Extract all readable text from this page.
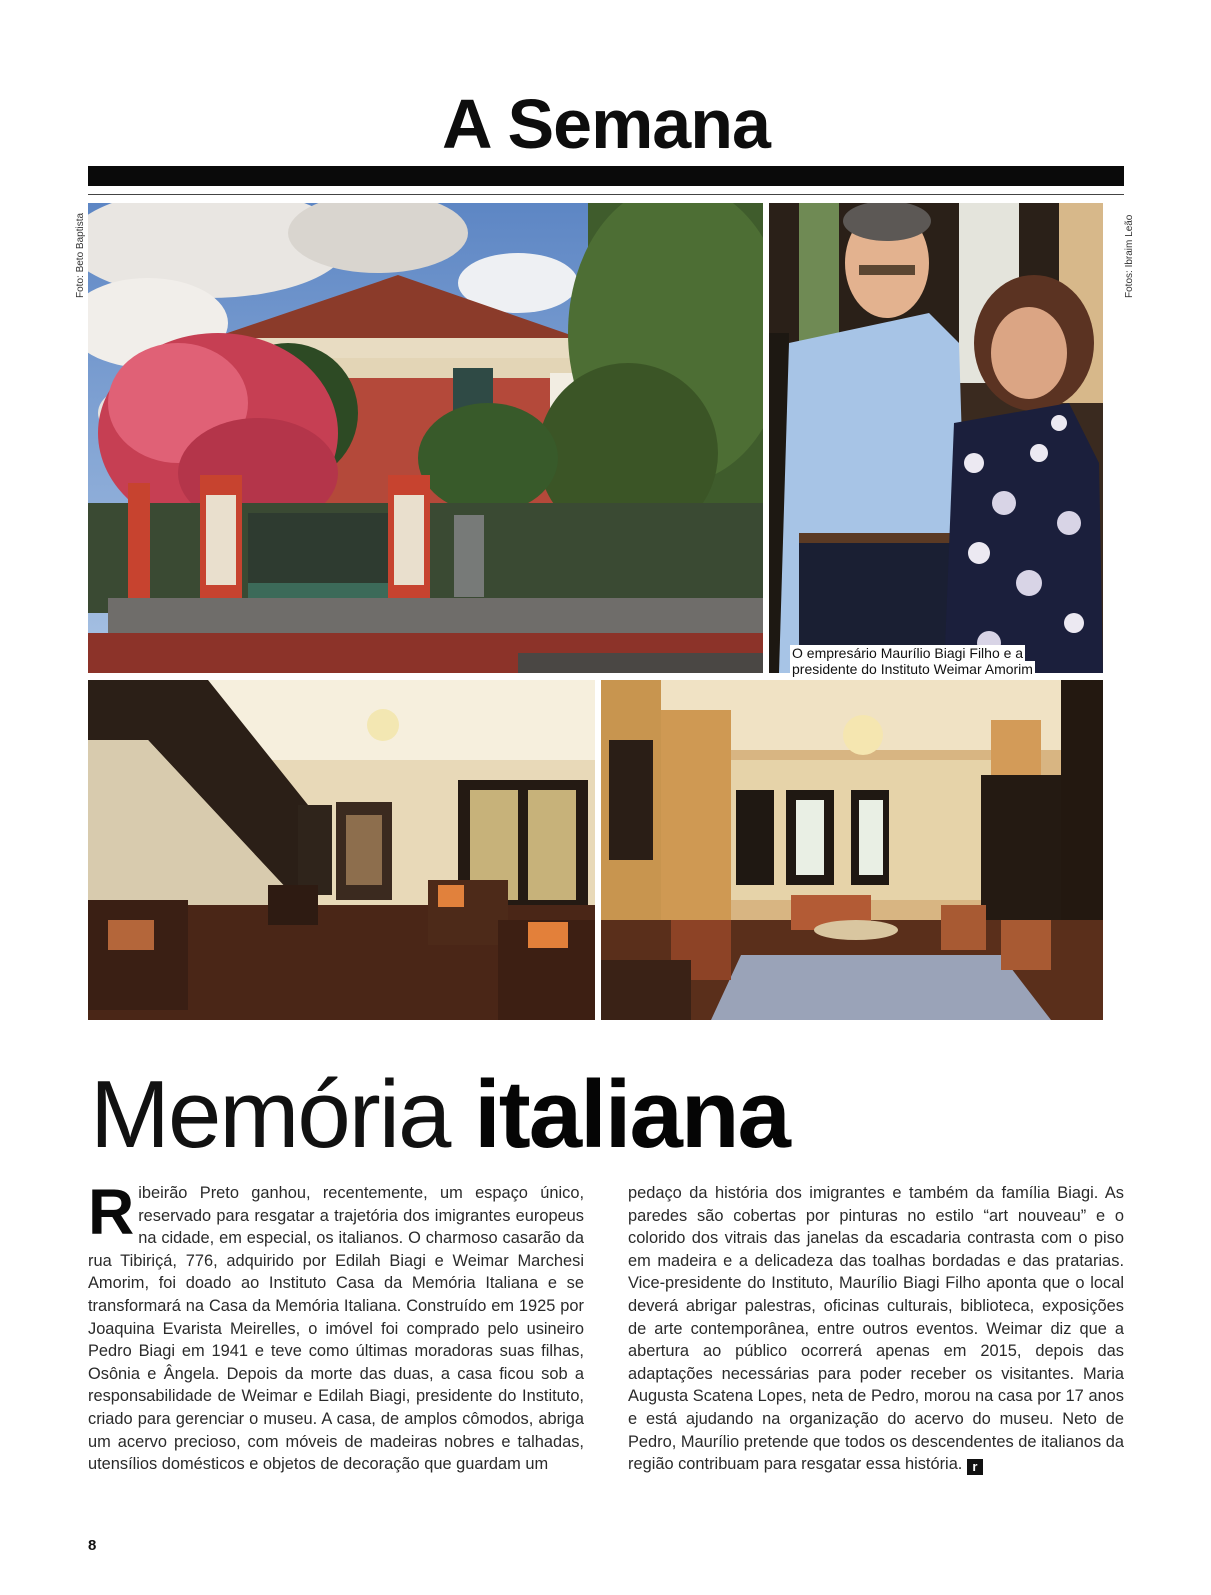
A Semana
Foto: Beto Baptista	Fotos: Ibraim Leão
O empresário Maurílio Biagi Filho e a presidente do Instituto Weimar Amorim
Memória italiana
Ribeirão Preto ganhou, recentemente, um espaço único, reservado para resgatar a trajetória dos imigrantes europeus na cidade, em especial, os italianos. O charmoso casarão da rua Tibiriçá, 776, adquirido por Edilah Biagi e Weimar Marchesi Amorim, foi doado ao Instituto Casa da Memória Italiana e se transformará na Casa da Memória Italiana. Construído em 1925 por Joaquina Evarista Meirelles, o imóvel foi comprado pelo usineiro Pedro Biagi em 1941 e teve como últimas moradoras suas filhas, Osônia e Ângela. Depois da morte das duas, a casa ficou sob a responsabilidade de Weimar e Edilah Biagi, presidente do Instituto, criado para gerenciar o museu. A casa, de amplos cômodos, abriga um acervo precioso, com móveis de madeiras nobres e talhadas, utensílios domésticos e objetos de decoração que guardam um
pedaço da história dos imigrantes e também da família Biagi. As paredes são cobertas por pinturas no estilo “art nouveau” e o colorido dos vitrais das janelas da escadaria contrasta com o piso em madeira e a delicadeza das toalhas bordadas e das pratarias. Vice-presidente do Instituto, Maurílio Biagi Filho aponta que o local deverá abrigar palestras, oficinas culturais, biblioteca, exposições de arte contemporânea, entre outros eventos. Weimar diz que a abertura ao público ocorrerá apenas em 2015, depois das adaptações necessárias para poder receber os visitantes. Maria Augusta Scatena Lopes, neta de Pedro, morou na casa por 17 anos e está ajudando na organização do acervo do museu. Neto de Pedro, Maurílio pretende que todos os descendentes de italianos da região contribuam para resgatar essa história. r
8
